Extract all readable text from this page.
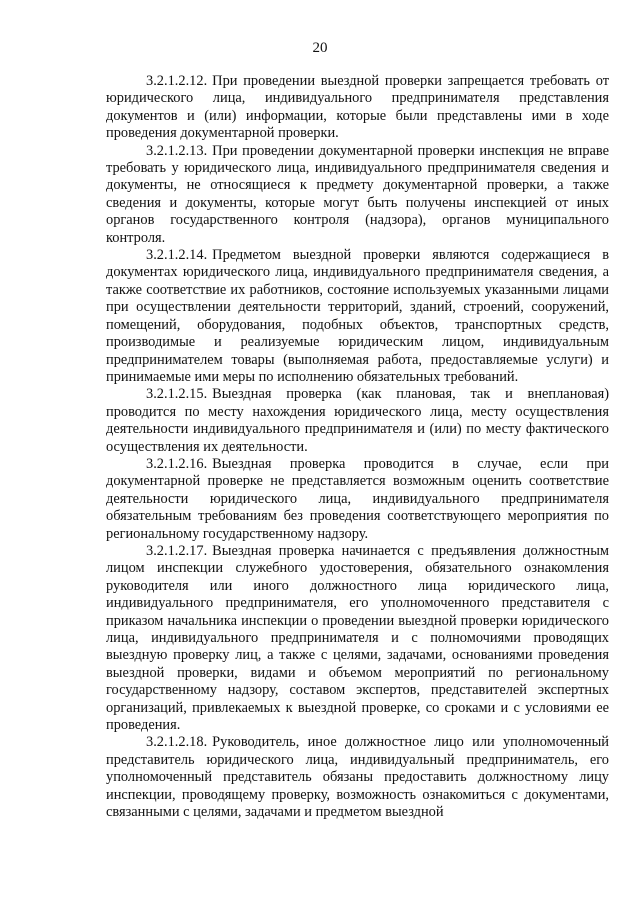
20

3.2.1.2.12. При проведении выездной проверки запрещается требовать от юридического лица, индивидуального предпринимателя представления документов и (или) информации, которые были представлены ими в ходе проведения документарной проверки.

3.2.1.2.13. При проведении документарной проверки инспекция не вправе требовать у юридического лица, индивидуального предпринимателя сведения и документы, не относящиеся к предмету документарной проверки, а также сведения и документы, которые могут быть получены инспекцией от иных органов государственного контроля (надзора), органов муниципального контроля.

3.2.1.2.14. Предметом выездной проверки являются содержащиеся в документах юридического лица, индивидуального предпринимателя сведения, а также соответствие их работников, состояние используемых указанными лицами при осуществлении деятельности территорий, зданий, строений, сооружений, помещений, оборудования, подобных объектов, транспортных средств, производимые и реализуемые юридическим лицом, индивидуальным предпринимателем товары (выполняемая работа, предоставляемые услуги) и принимаемые ими меры по исполнению обязательных требований.

3.2.1.2.15. Выездная проверка (как плановая, так и внеплановая) проводится по месту нахождения юридического лица, месту осуществления деятельности индивидуального предпринимателя и (или) по месту фактического осуществления их деятельности.

3.2.1.2.16. Выездная проверка проводится в случае, если при документарной проверке не представляется возможным оценить соответствие деятельности юридического лица, индивидуального предпринимателя обязательным требованиям без проведения соответствующего мероприятия по региональному государственному надзору.

3.2.1.2.17. Выездная проверка начинается с предъявления должностным лицом инспекции служебного удостоверения, обязательного ознакомления руководителя или иного должностного лица юридического лица, индивидуального предпринимателя, его уполномоченного представителя с приказом начальника инспекции о проведении выездной проверки юридического лица, индивидуального предпринимателя и с полномочиями проводящих выездную проверку лиц, а также с целями, задачами, основаниями проведения выездной проверки, видами и объемом мероприятий по региональному государственному надзору, составом экспертов, представителей экспертных организаций, привлекаемых к выездной проверке, со сроками и с условиями ее проведения.

3.2.1.2.18. Руководитель, иное должностное лицо или уполномоченный представитель юридического лица, индивидуальный предприниматель, его уполномоченный представитель обязаны предоставить должностному лицу инспекции, проводящему проверку, возможность ознакомиться с документами, связанными с целями, задачами и предметом выездной
